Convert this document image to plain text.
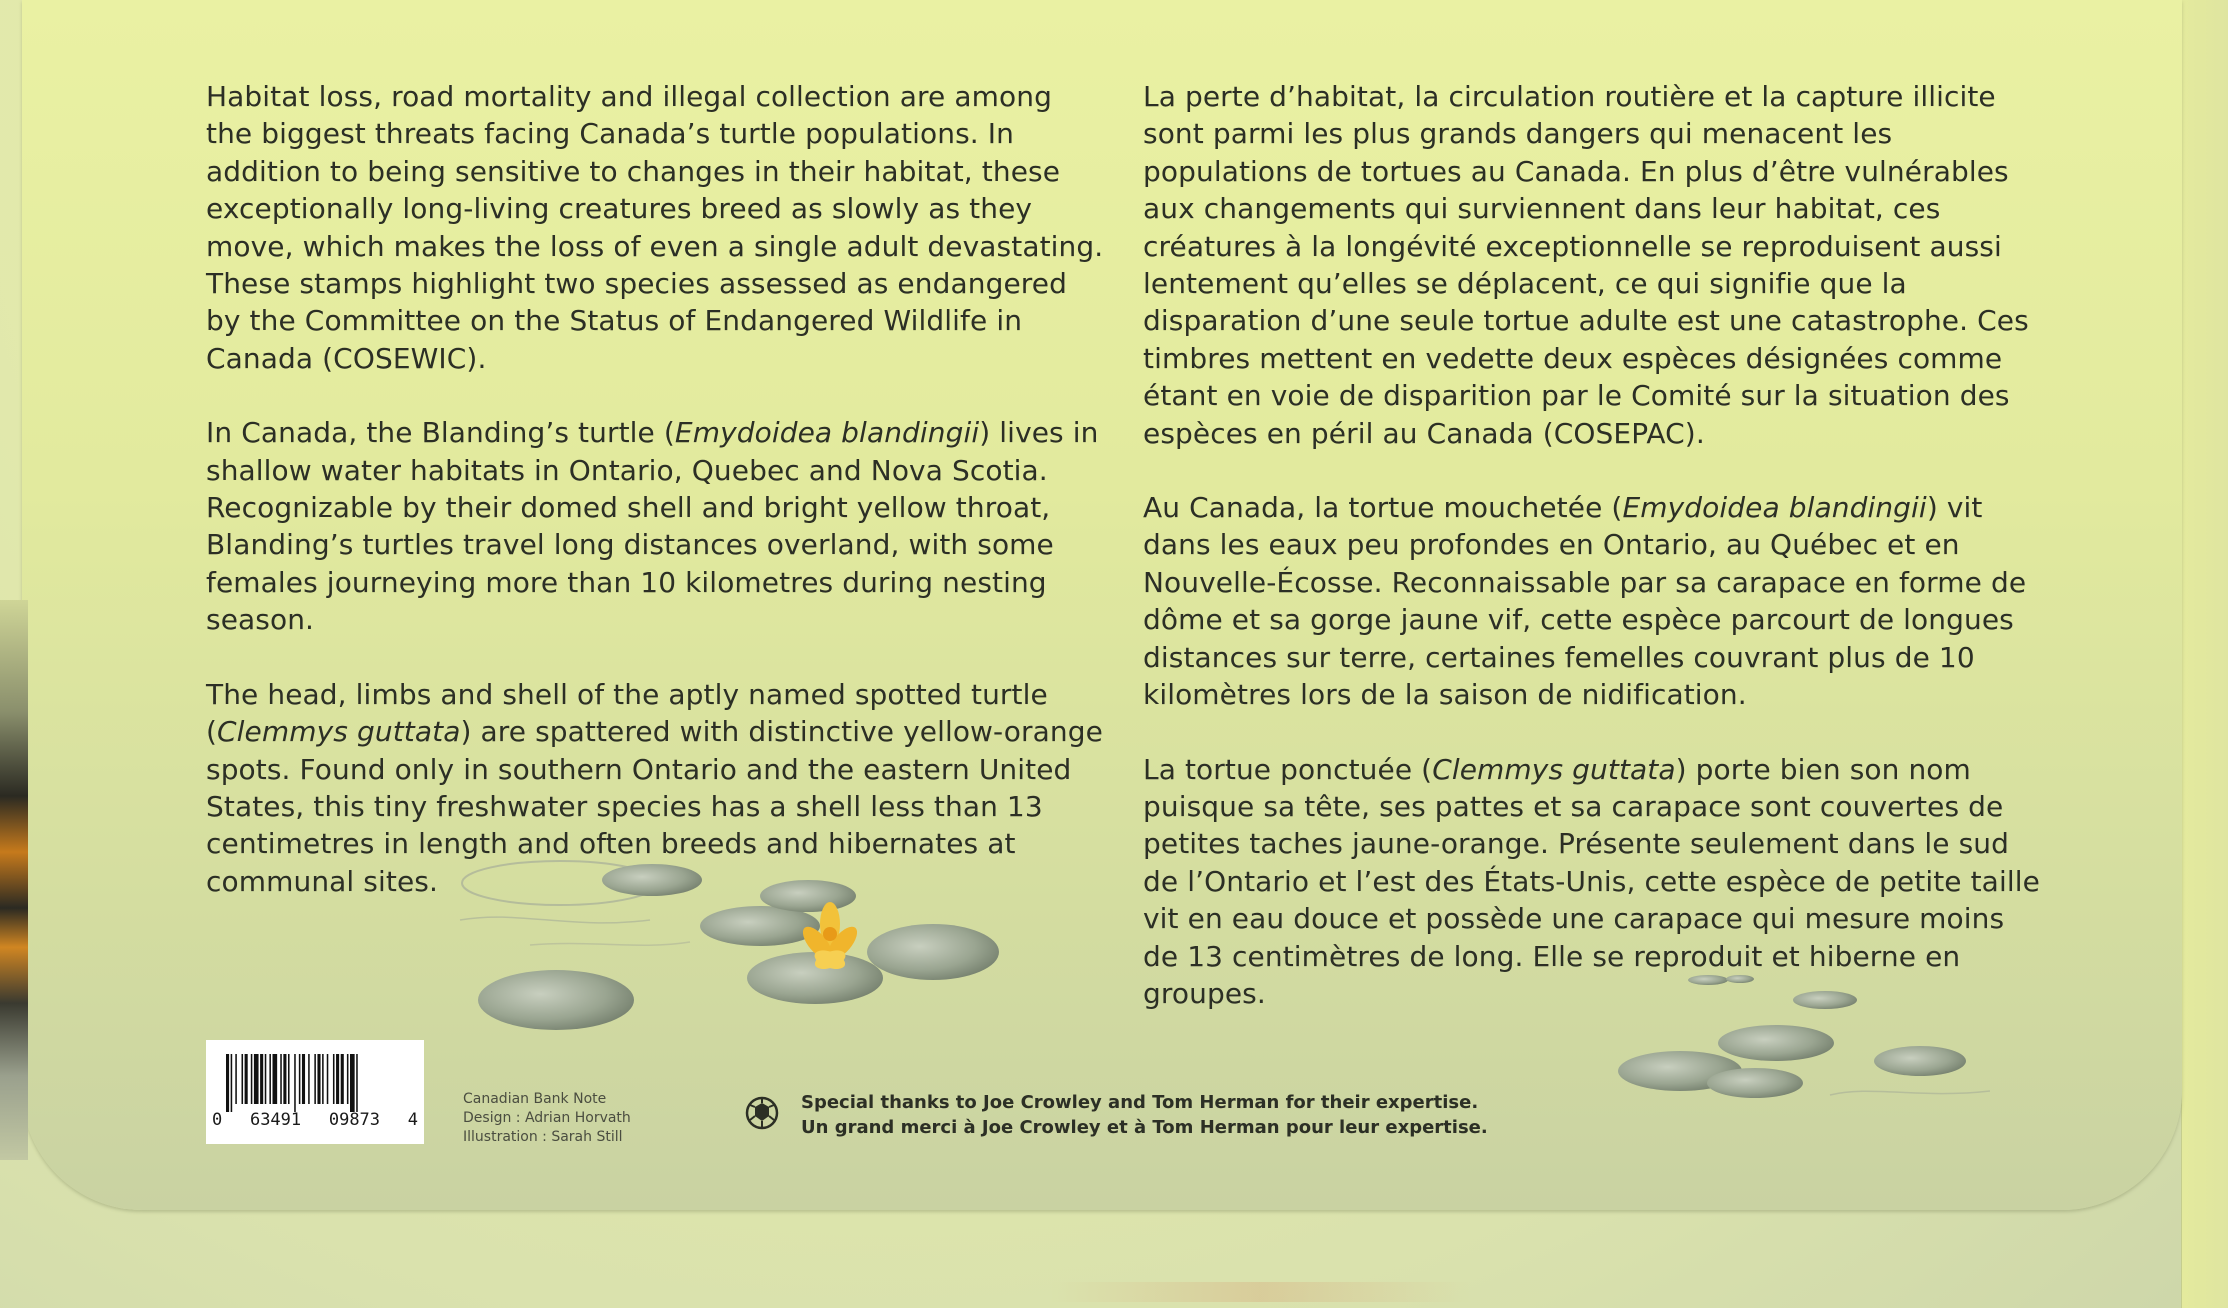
Habitat loss, road mortality and illegal collection are among the biggest threats facing Canada’s turtle populations. In addition to being sensitive to changes in their habitat, these exceptionally long-living creatures breed as slowly as they move, which makes the loss of even a single adult devastating. These stamps highlight two species assessed as endangered by the Committee on the Status of Endangered Wildlife in Canada (COSEWIC).

In Canada, the Blanding’s turtle (Emydoidea blandingii) lives in shallow water habitats in Ontario, Quebec and Nova Scotia. Recognizable by their domed shell and bright yellow throat, Blanding’s turtles travel long distances overland, with some females journeying more than 10 kilometres during nesting season.

The head, limbs and shell of the aptly named spotted turtle (Clemmys guttata) are spattered with distinctive yellow-orange spots. Found only in southern Ontario and the eastern United States, this tiny freshwater species has a shell less than 13 centimetres in length and often breeds and hibernates at communal sites.

La perte d’habitat, la circulation routière et la capture illicite sont parmi les plus grands dangers qui menacent les populations de tortues au Canada. En plus d’être vulnérables aux changements qui surviennent dans leur habitat, ces créatures à la longévité exceptionnelle se reproduisent aussi lentement qu’elles se déplacent, ce qui signifie que la disparation d’une seule tortue adulte est une catastrophe. Ces timbres mettent en vedette deux espèces désignées comme étant en voie de disparition par le Comité sur la situation des espèces en péril au Canada (COSEPAC).

Au Canada, la tortue mouchetée (Emydoidea blandingii) vit dans les eaux peu profondes en Ontario, au Québec et en Nouvelle-Écosse. Reconnaissable par sa carapace en forme de dôme et sa gorge jaune vif, cette espèce parcourt de longues distances sur terre, certaines femelles couvrant plus de 10 kilomètres lors de la saison de nidification.

La tortue ponctuée (Clemmys guttata) porte bien son nom puisque sa tête, ses pattes et sa carapace sont couvertes de petites taches jaune-orange. Présente seulement dans le sud de l’Ontario et l’est des États-Unis, cette espèce de petite taille vit en eau douce et possède une carapace qui mesure moins de 13 centimètres de long. Elle se reproduit et hiberne en groupes.

0 63491 09873 4
Canadian Bank Note
Design : Adrian Horvath
Illustration : Sarah Still
Special thanks to Joe Crowley and Tom Herman for their expertise.
Un grand merci à Joe Crowley et à Tom Herman pour leur expertise.
